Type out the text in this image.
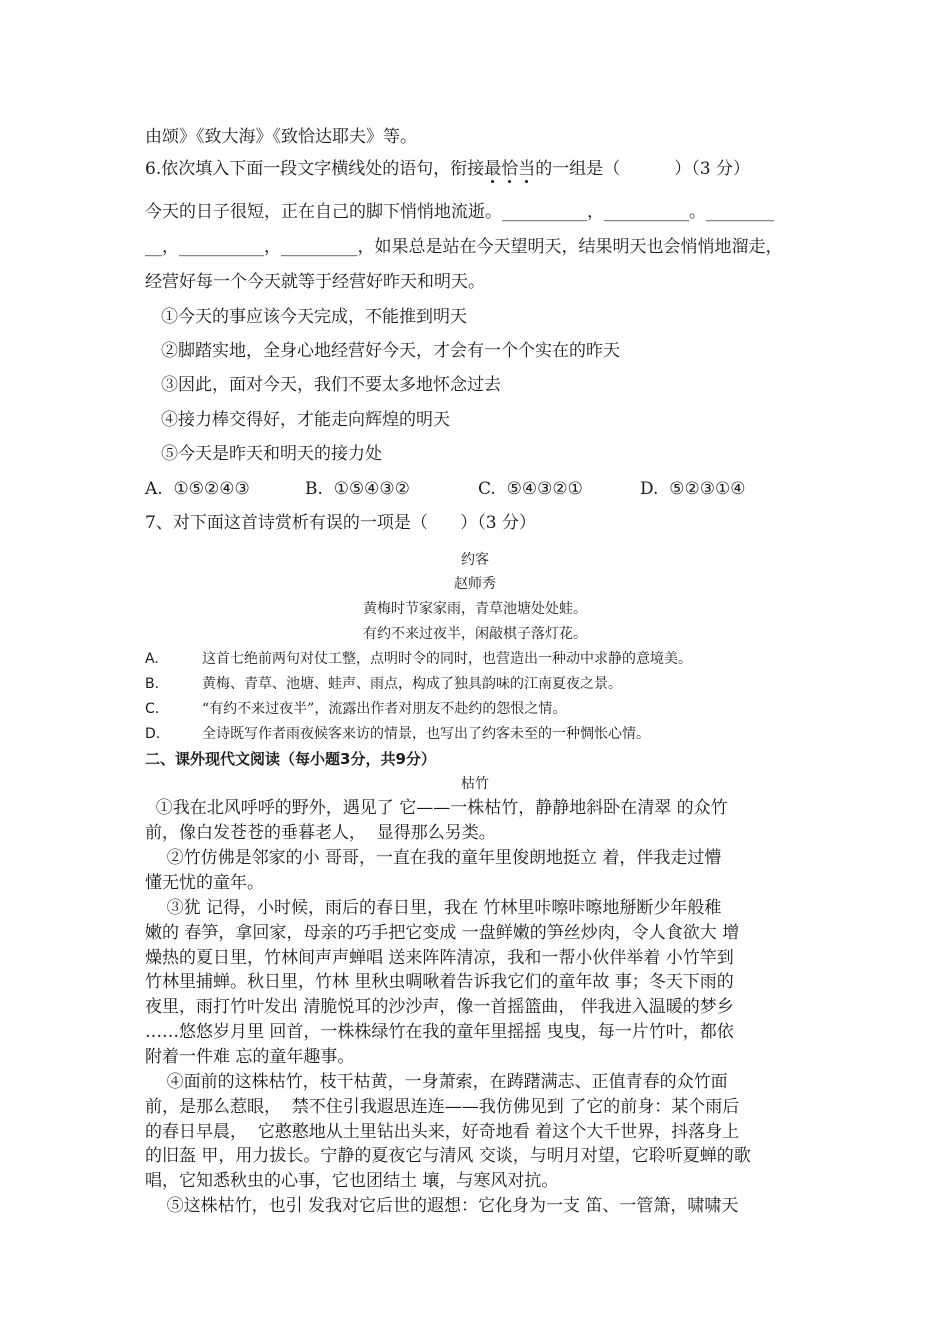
由颂》《致大海》《致恰达耶夫》等。
6.依次填入下面一段文字横线处的语句，衔接最恰当的一组是（          ）（3 分）
今天的日子很短，正在自己的脚下悄悄地流逝。__________，__________。________
__，__________，_________，如果总是站在今天望明天，结果明天也会悄悄地溜走，
经营好每一个今天就等于经营好昨天和明天。
①今天的事应该今天完成，不能推到明天
②脚踏实地，全身心地经营好今天，才会有一个个实在的昨天
③因此，面对今天，我们不要太多地怀念过去
④接力棒交得好，才能走向辉煌的明天
⑤今天是昨天和明天的接力处
A.  ①⑤②④③	B.  ①⑤④③②	C.  ⑤④③②①	D.  ⑤②③①④
7、对下面这首诗赏析有误的一项是（      ）（3 分）
约客
赵师秀
黄梅时节家家雨，青草池塘处处蛙。
有约不来过夜半，闲敲棋子落灯花。
A.	这首七绝前两句对仗工整，点明时令的同时，也营造出一种动中求静的意境美。
B.	黄梅、青草、池塘、蛙声、雨点，构成了独具韵味的江南夏夜之景。
C.	“有约不来过夜半”，流露出作者对朋友不赴约的怨恨之情。
D.	全诗既写作者雨夜候客来访的情景，也写出了约客未至的一种惆怅心情。
二、课外现代文阅读（每小题3分，共9分）
枯竹
①我在北风呼呼的野外，遇见了 它——一株枯竹，静静地斜卧在清翠 的众竹
前，像白发苍苍的垂暮老人，  显得那么另类。
②竹仿佛是邻家的小 哥哥，一直在我的童年里俊朗地挺立 着，伴我走过懵
懂无忧的童年。
③犹 记得，小时候，雨后的春日里，我在 竹林里咔嚓咔嚓地掰断少年般稚
嫩的 春笋，拿回家，母亲的巧手把它变成 一盘鲜嫩的笋丝炒肉，令人食欲大 增
燥热的夏日里，竹林间声声蝉唱 送来阵阵清凉，我和一帮小伙伴举着 小竹竿到
竹林里捕蝉。秋日里，竹林 里秋虫啁啾着告诉我它们的童年故 事；冬天下雨的
夜里，雨打竹叶发出 清脆悦耳的沙沙声，像一首摇篮曲， 伴我进入温暖的梦乡
……悠悠岁月里 回首，一株株绿竹在我的童年里摇摇 曳曳，每一片竹叶，都依
附着一件难 忘的童年趣事。
④面前的这株枯竹，枝干枯黄，一身萧索，在踌躇满志、正值青春的众竹面
前，是那么惹眼，  禁不住引我遐思连连——我仿佛见到 了它的前身：某个雨后
的春日早晨，  它憨憨地从土里钻出头来，好奇地看 着这个大千世界，抖落身上
的旧盔 甲，用力拔长。宁静的夏夜它与清风 交谈，与明月对望，它聆听夏蝉的歌
唱，它知悉秋虫的心事，它也团结土 壤，与寒风对抗。
⑤这株枯竹，也引 发我对它后世的遐想：它化身为一支 笛、一管箫，啸啸天
